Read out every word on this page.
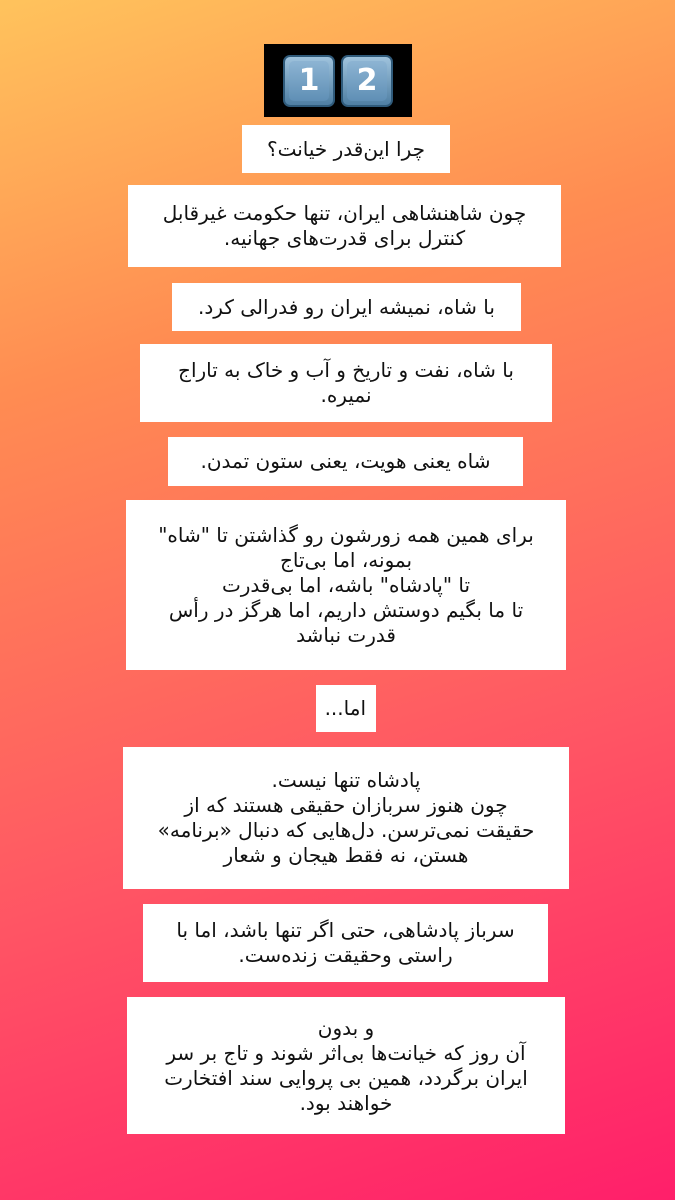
1	2

چرا این‌قدر خیانت؟

چون شاهنشاهی ایران، تنها حکومت غیرقابل

کنترل برای قدرت‌های جهانیه.

با شاه، نمیشه ایران رو فدرالی کرد.

با شاه، نفت و تاریخ و آب و خاک به تاراج

نمیره.

شاه یعنی هویت، یعنی ستون تمدن.

برای همین همه زورشون رو گذاشتن تا "شاه"

بمونه، اما بی‌تاج

تا "پادشاه" باشه، اما بی‌قدرت

تا ما بگیم دوستش داریم، اما هرگز در رأس

قدرت نباشد

اما...

پادشاه تنها نیست.

چون هنوز سربازان حقیقی هستند که از

حقیقت نمی‌ترسن. دل‌هایی که دنبال «برنامه»

هستن، نه فقط هیجان و شعار

سرباز پادشاهی، حتی اگر تنها باشد، اما با

راستی وحقیقت زنده‌ست.

و بدون

آن روز که خیانت‌ها بی‌اثر شوند و تاج بر سر

ایران برگردد، همین بی پروایی سند افتخارت

خواهند بود.
